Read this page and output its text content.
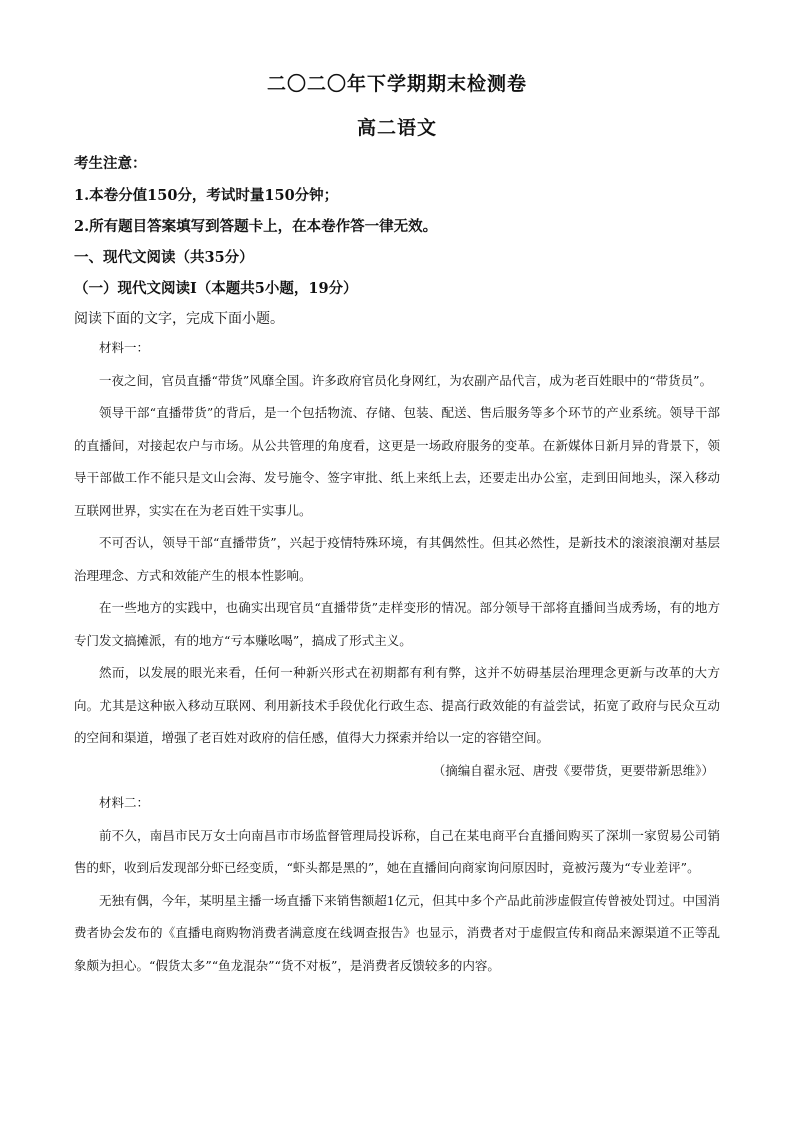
二〇二〇年下学期期末检测卷
高二语文
考生注意：
1.本卷分值150分，考试时量150分钟；
2.所有题目答案填写到答题卡上，在本卷作答一律无效。
一、现代文阅读（共35分）
（一）现代文阅读Ⅰ（本题共5小题，19分）
阅读下面的文字，完成下面小题。

材料一：

一夜之间，官员直播“带货”风靡全国。许多政府官员化身网红，为农副产品代言，成为老百姓眼中的“带货员”。

领导干部“直播带货”的背后，是一个包括物流、存储、包装、配送、售后服务等多个环节的产业系统。领导干部的直播间，对接起农户与市场。从公共管理的角度看，这更是一场政府服务的变革。在新媒体日新月异的背景下，领导干部做工作不能只是文山会海、发号施令、签字审批、纸上来纸上去，还要走出办公室，走到田间地头，深入移动互联网世界，实实在在为老百姓干实事儿。

不可否认，领导干部“直播带货”，兴起于疫情特殊环境，有其偶然性。但其必然性，是新技术的滚滚浪潮对基层治理理念、方式和效能产生的根本性影响。

在一些地方的实践中，也确实出现官员“直播带货”走样变形的情况。部分领导干部将直播间当成秀场，有的地方专门发文搞摊派，有的地方“亏本赚吆喝”，搞成了形式主义。

然而，以发展的眼光来看，任何一种新兴形式在初期都有利有弊，这并不妨碍基层治理理念更新与改革的大方向。尤其是这种嵌入移动互联网、利用新技术手段优化行政生态、提高行政效能的有益尝试，拓宽了政府与民众互动的空间和渠道，增强了老百姓对政府的信任感，值得大力探索并给以一定的容错空间。

（摘编自翟永冠、唐弢《要带货，更要带新思维》）

材料二：

前不久，南昌市民万女士向南昌市市场监督管理局投诉称，自己在某电商平台直播间购买了深圳一家贸易公司销售的虾，收到后发现部分虾已经变质，“虾头都是黑的”，她在直播间向商家询问原因时，竟被污蔑为“专业差评”。

无独有偶，今年，某明星主播一场直播下来销售额超1亿元，但其中多个产品此前涉虚假宣传曾被处罚过。中国消费者协会发布的《直播电商购物消费者满意度在线调查报告》也显示，消费者对于虚假宣传和商品来源渠道不正等乱象颇为担心。“假货太多”“鱼龙混杂”“货不对板”，是消费者反馈较多的内容。
